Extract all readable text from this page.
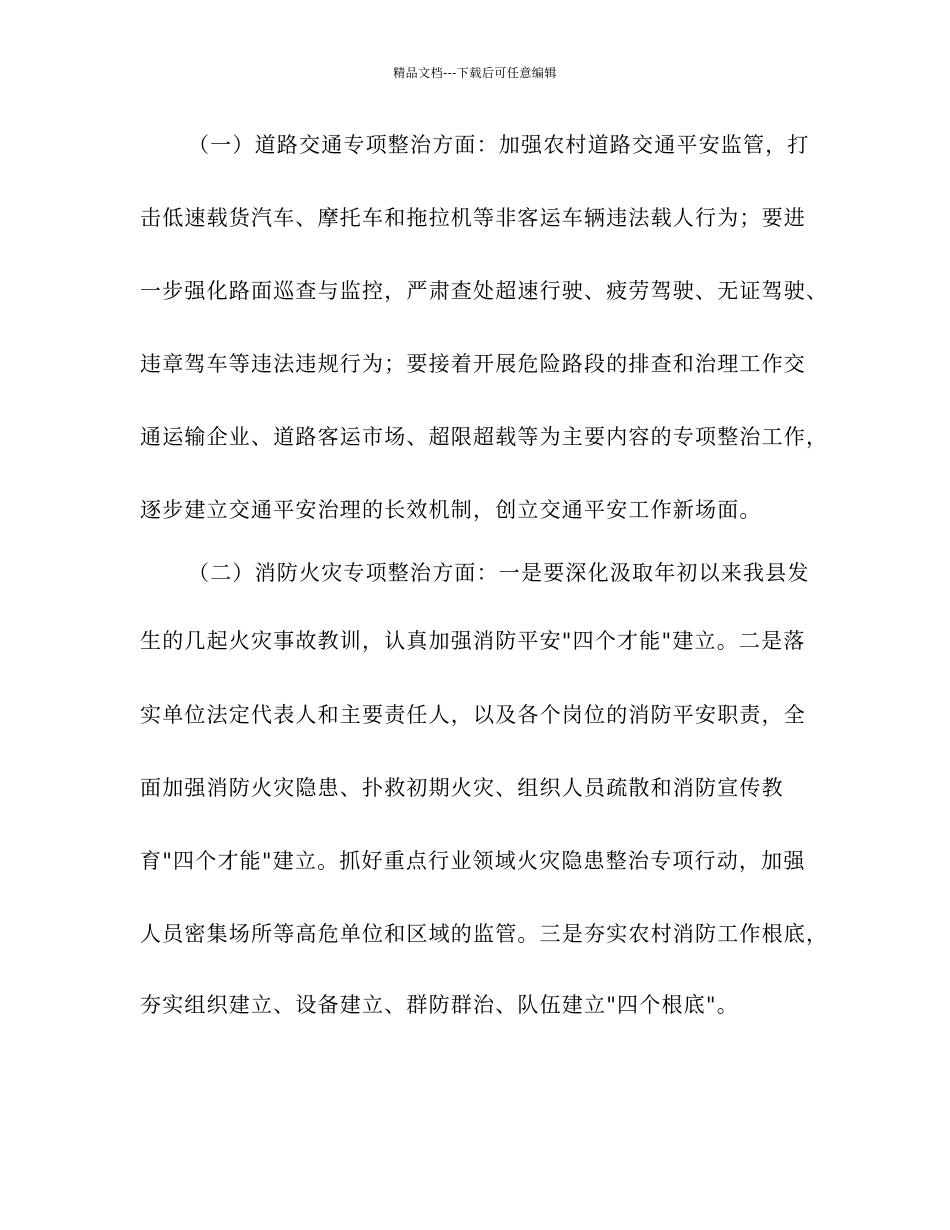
精品文档---下载后可任意编辑
（一）道路交通专项整治方面：加强农村道路交通平安监管，打
击低速载货汽车、摩托车和拖拉机等非客运车辆违法载人行为；要进
一步强化路面巡查与监控，严肃查处超速行驶、疲劳驾驶、无证驾驶、
违章驾车等违法违规行为；要接着开展危险路段的排查和治理工作交
通运输企业、道路客运市场、超限超载等为主要内容的专项整治工作，
逐步建立交通平安治理的长效机制，创立交通平安工作新场面。
（二）消防火灾专项整治方面：一是要深化汲取年初以来我县发
生的几起火灾事故教训，认真加强消防平安"四个才能"建立。二是落
实单位法定代表人和主要责任人，以及各个岗位的消防平安职责，全
面加强消防火灾隐患、扑救初期火灾、组织人员疏散和消防宣传教
育"四个才能"建立。抓好重点行业领域火灾隐患整治专项行动，加强
人员密集场所等高危单位和区域的监管。三是夯实农村消防工作根底，
夯实组织建立、设备建立、群防群治、队伍建立"四个根底"。
